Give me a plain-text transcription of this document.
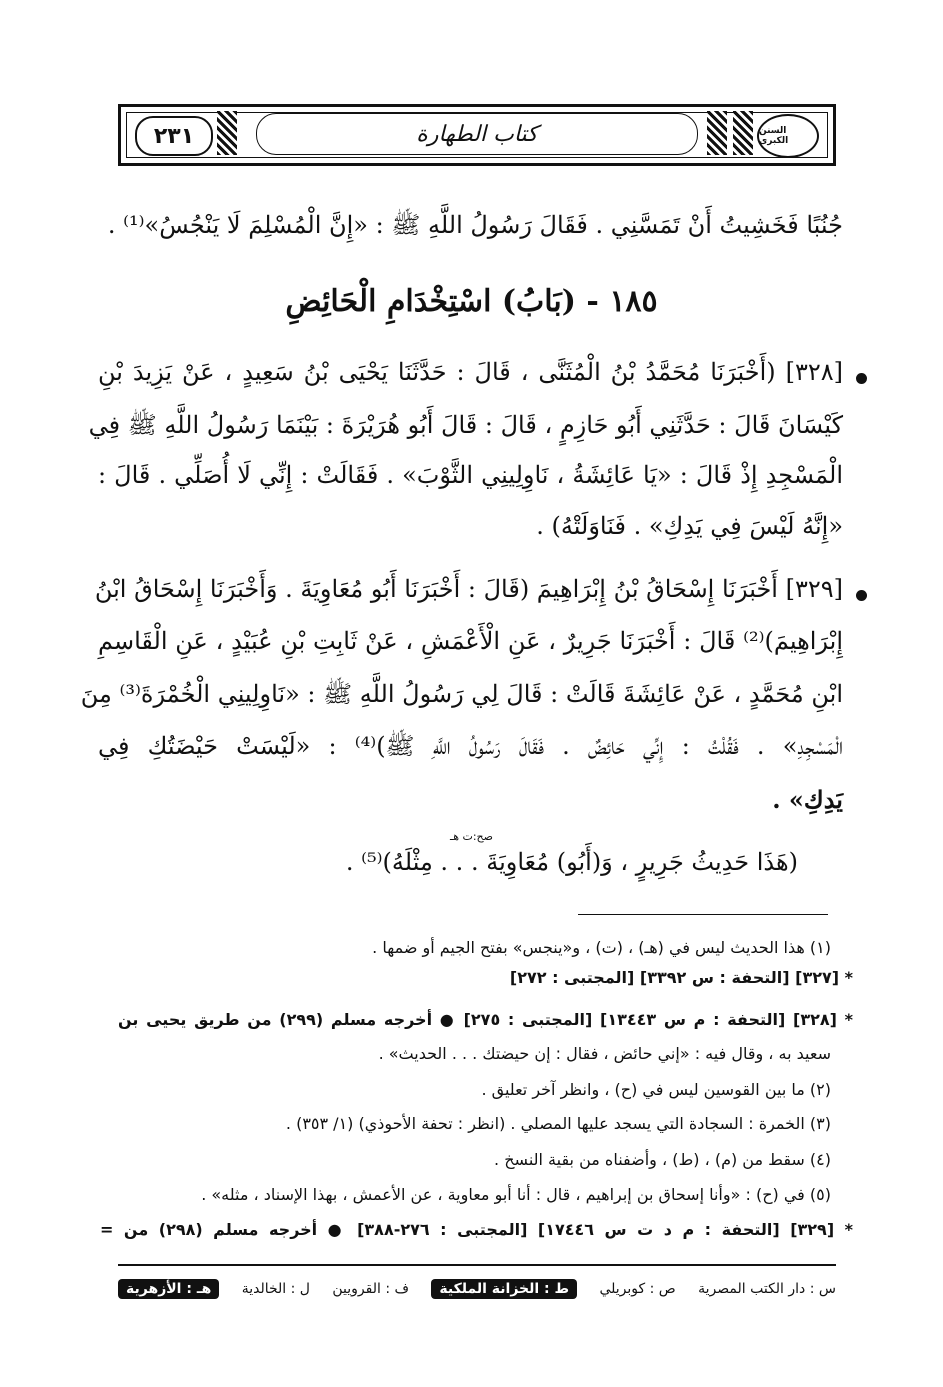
٢٣١	كتاب الطهارة	السنن الكبرى
جُنُبًا فَخَشِيتُ أَنْ تَمَسَّنِي . فَقَالَ رَسُولُ اللَّهِ ﷺ : «إِنَّ الْمُسْلِمَ لَا يَنْجُسُ»⁽¹⁾ .
١٨٥ - (بَابُ) اسْتِخْدَامِ الْحَائِضِ
[٣٢٨] (أَخْبَرَنَا مُحَمَّدُ بْنُ الْمُثَنَّى ، قَالَ : حَدَّثَنَا يَحْيَى بْنُ سَعِيدٍ ، عَنْ يَزِيدَ بْنِ
كَيْسَانَ قَالَ : حَدَّثَنِي أَبُو حَازِمٍ ، قَالَ : قَالَ أَبُو هُرَيْرَةَ : بَيْنَمَا رَسُولُ اللَّهِ ﷺ فِي
الْمَسْجِدِ إِذْ قَالَ : «يَا عَائِشَةُ ، نَاوِلِينِي الثَّوْبَ» . فَقَالَتْ : إِنِّي لَا أُصَلِّي . قَالَ :
«إِنَّهُ لَيْسَ فِي يَدِكِ» . فَنَاوَلَتْهُ) .
[٣٢٩] أَخْبَرَنَا إِسْحَاقُ بْنُ إِبْرَاهِيمَ (قَالَ : أَخْبَرَنَا أَبُو مُعَاوِيَةَ . وَأَخْبَرَنَا إِسْحَاقُ ابْنُ
إِبْرَاهِيمَ)⁽²⁾ قَالَ : أَخْبَرَنَا جَرِيرٌ ، عَنِ الْأَعْمَشِ ، عَنْ ثَابِتِ بْنِ عُبَيْدٍ ، عَنِ الْقَاسِمِ
ابْنِ مُحَمَّدٍ ، عَنْ عَائِشَةَ قَالَتْ : قَالَ لِي رَسُولُ اللَّهِ ﷺ : «نَاوِلِينِي الْخُمْرَةَ⁽³⁾ مِنَ
الْمَسْجِدِ» . فَقُلْتُ : إِنِّي حَائِضٌ . فَقَالَ رَسُولُ اللَّهِ ﷺ)⁽⁴⁾ : «لَيْسَتْ حَيْضَتُكِ فِي
يَدِكِ» .
صح:ت هـ
(هَذَا حَدِيثُ جَرِيرٍ ، وَ(أَبُو) مُعَاوِيَةَ . . . مِثْلَهُ)⁽⁵⁾ .
(١) هذا الحديث ليس في (هـ) ، (ت) ، و«ينجس» بفتح الجيم أو ضمها .
* [٣٢٧] [التحفة : س ٣٣٩٢] [المجتبى : ٢٧٢]
* [٣٢٨] [التحفة : م س ١٣٤٤٣] [المجتبى : ٢٧٥] ● أخرجه مسلم (٢٩٩) من طريق يحيى بن
سعيد به ، وقال فيه : «إني حائض ، فقال : إن حيضتك . . . الحديث» .
(٢) ما بين القوسين ليس في (ح) ، وانظر آخر تعليق .
(٣) الخمرة : السجادة التي يسجد عليها المصلي . (انظر : تحفة الأحوذي) (١/ ٣٥٣) .
(٤) سقط من (م) ، (ط) ، وأضفناه من بقية النسخ .
(٥) في (ح) : «وأنا إسحاق بن إبراهيم ، قال : أنا أبو معاوية ، عن الأعمش ، بهذا الإسناد ، مثله» .
* [٣٢٩] [التحفة : م د ت س ١٧٤٤٦] [المجتبى : ٢٧٦-٣٨٨] ● أخرجه مسلم (٢٩٨) من =
س : دار الكتب المصرية
ص : كوبريلي
ط : الخزانة الملكية
ف : القرويين
ل : الخالدية
هـ : الأزهرية
